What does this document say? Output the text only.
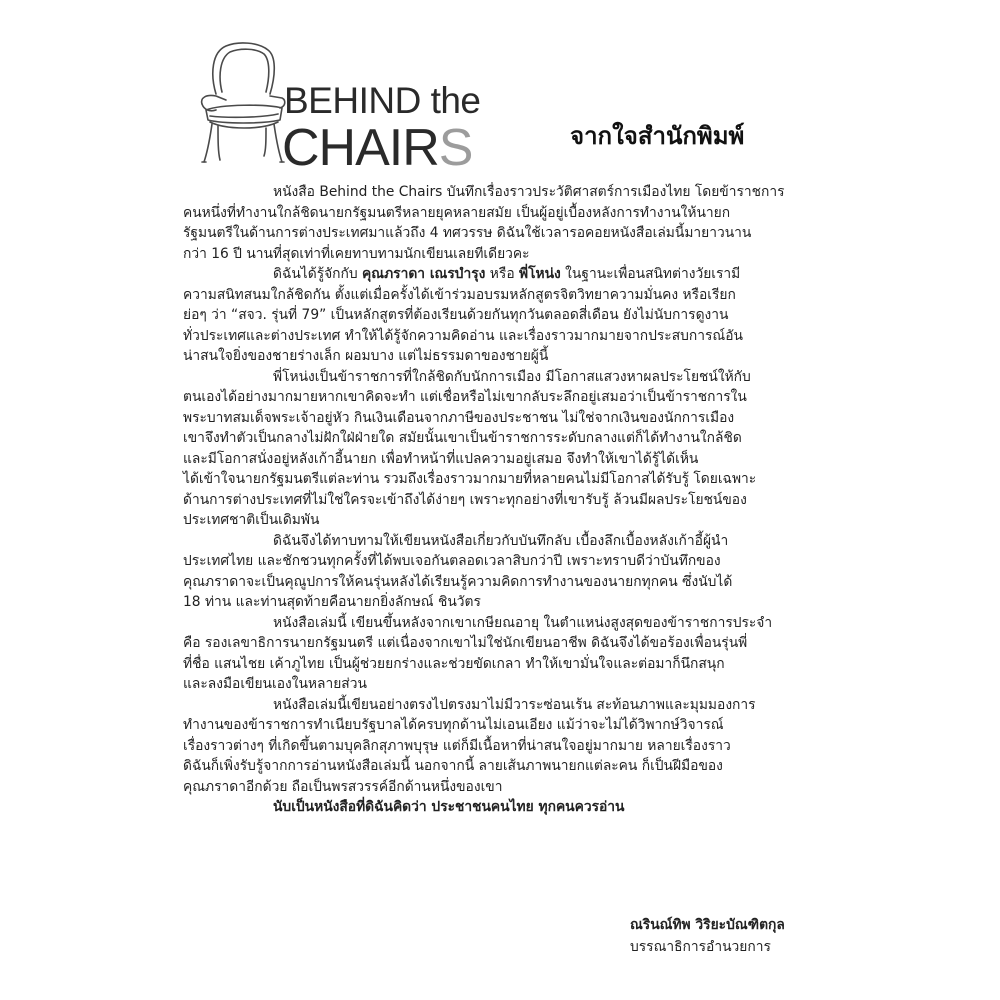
BEHIND the
CHAIRS	จากใจสำนักพิมพ์

หนังสือ Behind the Chairs บันทึกเรื่องราวประวัติศาสตร์การเมืองไทย โดยข้าราชการ
คนหนึ่งที่ทำงานใกล้ชิดนายกรัฐมนตรีหลายยุคหลายสมัย เป็นผู้อยู่เบื้องหลังการทำงานให้นายก
รัฐมนตรีในด้านการต่างประเทศมาแล้วถึง 4 ทศวรรษ ดิฉันใช้เวลารอคอยหนังสือเล่มนี้มายาวนาน
กว่า 16 ปี นานที่สุดเท่าที่เคยทาบทามนักเขียนเลยทีเดียวคะ

ดิฉันได้รู้จักกับ คุณภราดา เณรบำรุง หรือ พี่โหน่ง ในฐานะเพื่อนสนิทต่างวัยเรามี
ความสนิทสนมใกล้ชิดกัน ตั้งแต่เมื่อครั้งได้เข้าร่วมอบรมหลักสูตรจิตวิทยาความมั่นคง หรือเรียก
ย่อๆ ว่า “สจว. รุ่นที่ 79” เป็นหลักสูตรที่ต้องเรียนด้วยกันทุกวันตลอดสี่เดือน ยังไม่นับการดูงาน
ทั่วประเทศและต่างประเทศ ทำให้ได้รู้จักความคิดอ่าน และเรื่องราวมากมายจากประสบการณ์อัน
น่าสนใจยิ่งของชายร่างเล็ก ผอมบาง แต่ไม่ธรรมดาของชายผู้นี้

พี่โหน่งเป็นข้าราชการที่ใกล้ชิดกับนักการเมือง มีโอกาสแสวงหาผลประโยชน์ให้กับ
ตนเองได้อย่างมากมายหากเขาคิดจะทำ แต่เชื่อหรือไม่เขากลับระลึกอยู่เสมอว่าเป็นข้าราชการใน
พระบาทสมเด็จพระเจ้าอยู่หัว กินเงินเดือนจากภาษีของประชาชน ไม่ใช่จากเงินของนักการเมือง
เขาจึงทำตัวเป็นกลางไม่ฝักใฝ่ฝ่ายใด สมัยนั้นเขาเป็นข้าราชการระดับกลางแต่ก็ได้ทำงานใกล้ชิด
และมีโอกาสนั่งอยู่หลังเก้าอี้นายก เพื่อทำหน้าที่แปลความอยู่เสมอ จึงทำให้เขาได้รู้ได้เห็น
ได้เข้าใจนายกรัฐมนตรีแต่ละท่าน รวมถึงเรื่องราวมากมายที่หลายคนไม่มีโอกาสได้รับรู้ โดยเฉพาะ
ด้านการต่างประเทศที่ไม่ใช่ใครจะเข้าถึงได้ง่ายๆ เพราะทุกอย่างที่เขารับรู้ ล้วนมีผลประโยชน์ของ
ประเทศชาติเป็นเดิมพัน

ดิฉันจึงได้ทาบทามให้เขียนหนังสือเกี่ยวกับบันทึกลับ เบื้องลึกเบื้องหลังเก้าอี้ผู้นำ
ประเทศไทย และชักชวนทุกครั้งที่ได้พบเจอกันตลอดเวลาสิบกว่าปี เพราะทราบดีว่าบันทึกของ
คุณภราดาจะเป็นคุณูปการให้คนรุ่นหลังได้เรียนรู้ความคิดการทำงานของนายกทุกคน ซึ่งนับได้
18 ท่าน และท่านสุดท้ายคือนายกยิ่งลักษณ์ ชินวัตร

หนังสือเล่มนี้ เขียนขึ้นหลังจากเขาเกษียณอายุ ในตำแหน่งสูงสุดของข้าราชการประจำ
คือ รองเลขาธิการนายกรัฐมนตรี แต่เนื่องจากเขาไม่ใช่นักเขียนอาชีพ ดิฉันจึงได้ขอร้องเพื่อนรุ่นพี่
ที่ชื่อ แสนไชย เค้าภูไทย เป็นผู้ช่วยยกร่างและช่วยขัดเกลา ทำให้เขามั่นใจและต่อมาก็นึกสนุก
และลงมือเขียนเองในหลายส่วน

หนังสือเล่มนี้เขียนอย่างตรงไปตรงมาไม่มีวาระซ่อนเร้น สะท้อนภาพและมุมมองการ
ทำงานของข้าราชการทำเนียบรัฐบาลได้ครบทุกด้านไม่เอนเอียง แม้ว่าจะไม่ได้วิพากษ์วิจารณ์
เรื่องราวต่างๆ ที่เกิดขึ้นตามบุคลิกสุภาพบุรุษ แต่ก็มีเนื้อหาที่น่าสนใจอยู่มากมาย หลายเรื่องราว
ดิฉันก็เพิ่งรับรู้จากการอ่านหนังสือเล่มนี้ นอกจากนี้ ลายเส้นภาพนายกแต่ละคน ก็เป็นฝีมือของ
คุณภราดาอีกด้วย ถือเป็นพรสวรรค์อีกด้านหนึ่งของเขา

นับเป็นหนังสือที่ดิฉันคิดว่า ประชาชนคนไทย ทุกคนควรอ่าน

ณรินณ์ทิพ วิริยะบัณฑิตกุล
บรรณาธิการอำนวยการ
